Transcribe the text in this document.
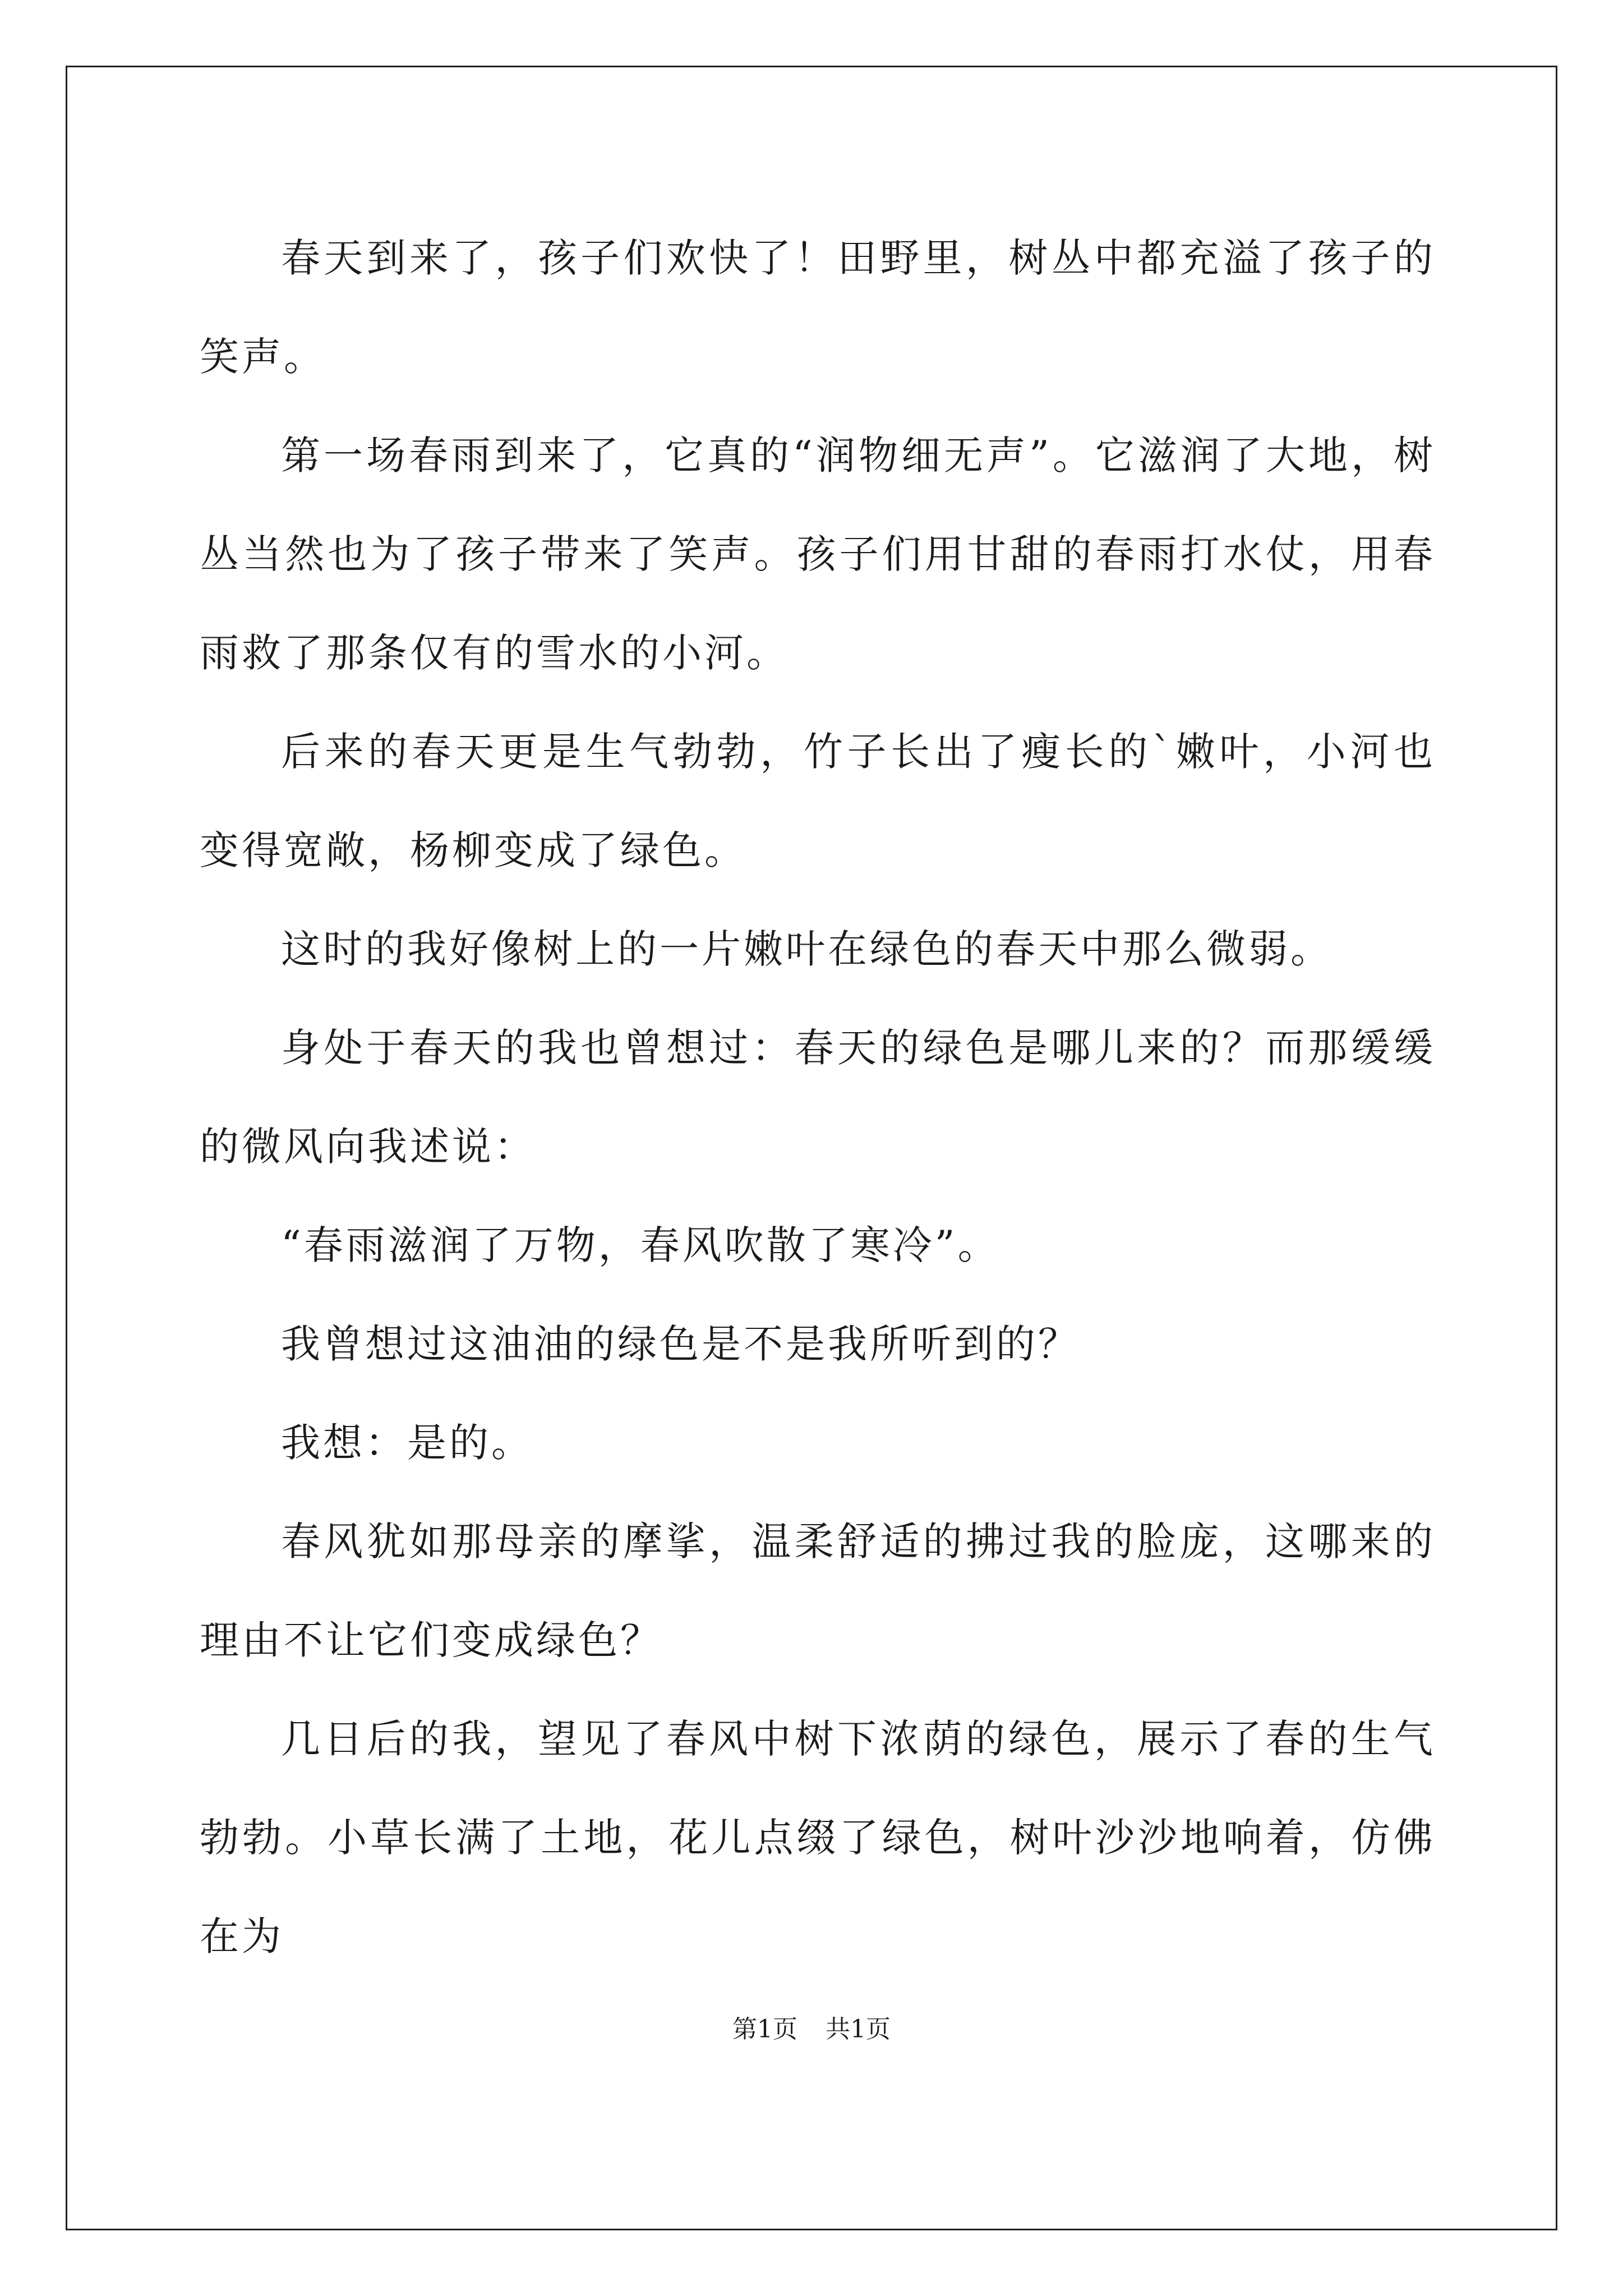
春天到来了，孩子们欢快了！田野里，树丛中都充溢了孩子的笑声。

第一场春雨到来了，它真的“润物细无声”。它滋润了大地，树丛当然也为了孩子带来了笑声。孩子们用甘甜的春雨打水仗，用春雨救了那条仅有的雪水的小河。

后来的春天更是生气勃勃，竹子长出了瘦长的`嫩叶，小河也变得宽敞，杨柳变成了绿色。

这时的我好像树上的一片嫩叶在绿色的春天中那么微弱。

身处于春天的我也曾想过：春天的绿色是哪儿来的？而那缓缓的微风向我述说：

“春雨滋润了万物，春风吹散了寒冷”。

我曾想过这油油的绿色是不是我所听到的？

我想：是的。

春风犹如那母亲的摩挲，温柔舒适的拂过我的脸庞，这哪来的理由不让它们变成绿色？

几日后的我，望见了春风中树下浓荫的绿色，展示了春的生气勃勃。小草长满了土地，花儿点缀了绿色，树叶沙沙地响着，仿佛在为

第1页 共1页
